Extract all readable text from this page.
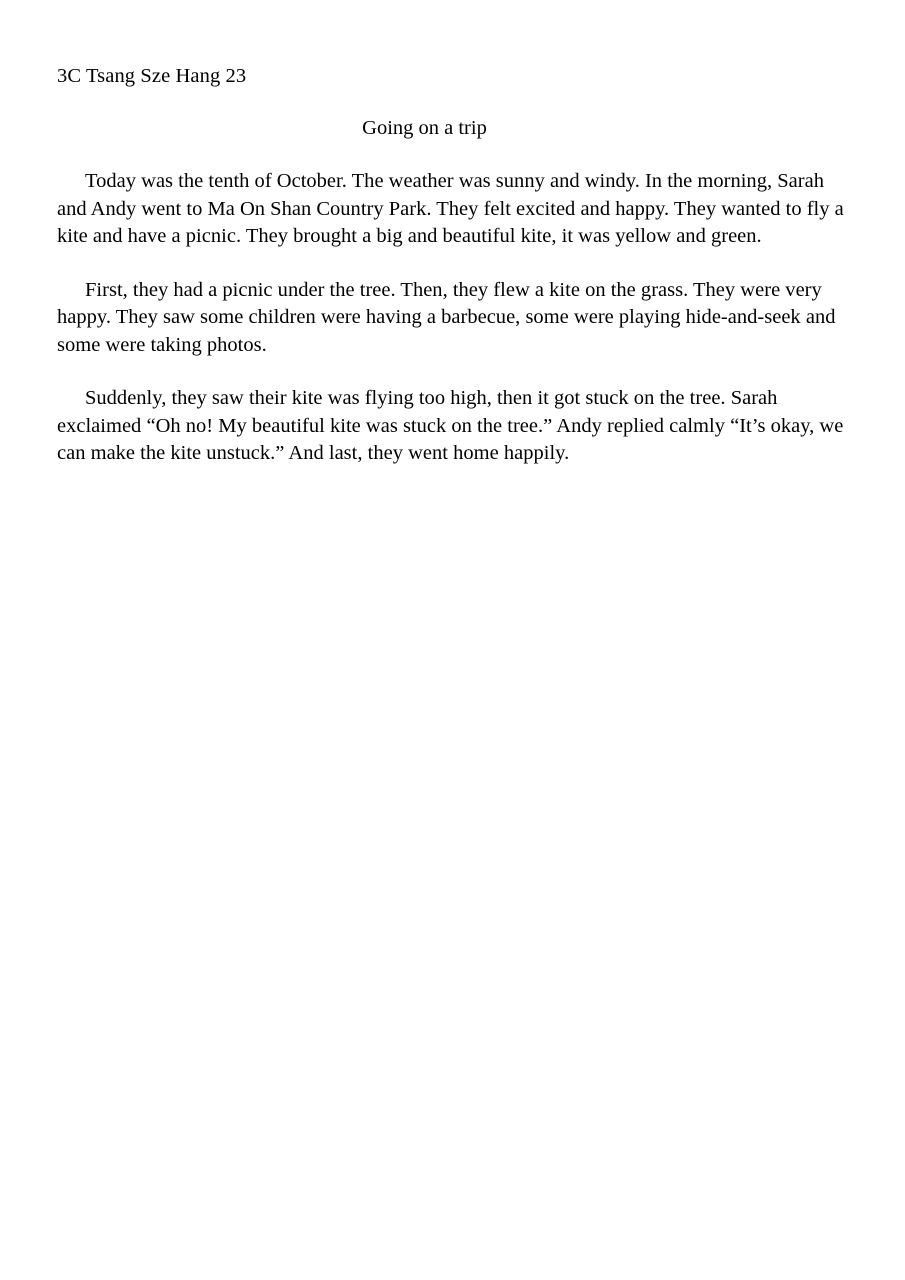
3C Tsang Sze Hang 23
Going on a trip

Today was the tenth of October. The weather was sunny and windy. In the morning, Sarah and Andy went to Ma On Shan Country Park. They felt excited and happy. They wanted to fly a kite and have a picnic. They brought a big and beautiful kite, it was yellow and green.

First, they had a picnic under the tree. Then, they flew a kite on the grass. They were very happy. They saw some children were having a barbecue, some were playing hide-and-seek and some were taking photos.

Suddenly, they saw their kite was flying too high, then it got stuck on the tree. Sarah exclaimed “Oh no! My beautiful kite was stuck on the tree.” Andy replied calmly “It’s okay, we can make the kite unstuck.” And last, they went home happily.
